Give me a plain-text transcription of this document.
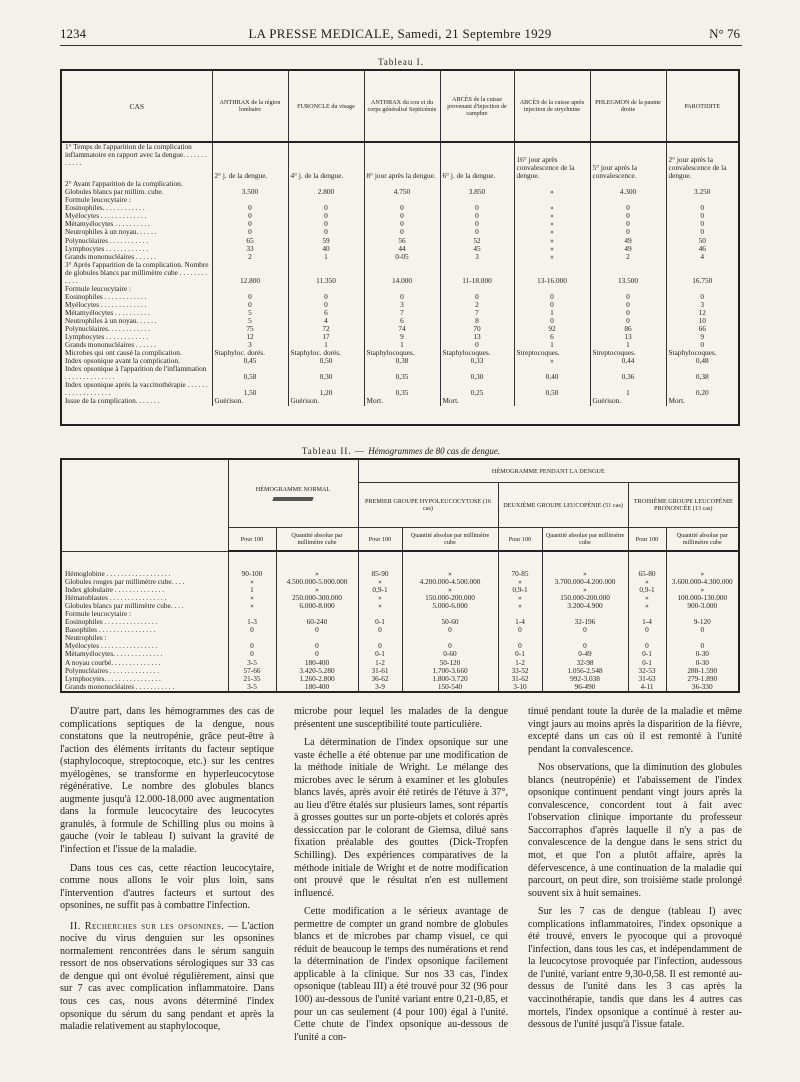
1234	LA PRESSE MEDICALE, Samedi, 21 Septembre 1929	N° 76
Tableau I.
CAS	ANTHRAX de la région lombaire	FURONCLE du visage	ANTHRAX du cou et du corps généralisé Septicémie	ABCÈS de la cuisse provenant d'injection de camphre	ABCÈS de la cuisse après injection de strychnine	PHLEGMON de la paume droite	PAROTIDITE
1° Temps de l'apparition de la complication inflammatoire en rapport avec la dengue. . . . . . . . . . . .	2° j. de la dengue.	4° j. de la dengue.	8° jour après la dengue.	6° j. de la dengue.	16° jour après convalescence de la dengue.	5° jour après la convalescence.	2° jour après la convalescence de la dengue.
2° Avant l'apparition de la complication. Globules blancs par millim. cube.	3.500	2.800	4.750	3.850	»	4.300	3.250
Formule leucocytaire :							
Eosinophiles. . . . . . . . . . . .	0	0	0	0	»	0	0
Myélocytes . . . . . . . . . . . . .	0	0	0	0	»	0	0
Métamyélocytes . . . . . . . . . .	0	0	0	0	»	0	0
Neutrophiles à un noyau. . . . . .	0	0	0	0	»	0	0
Polynucléaires . . . . . . . . . . .	65	59	56	52	»	49	50
Lymphocytes . . . . . . . . . . . .	33	40	44	45	»	49	46
Grands mononucléaires . . . . . .	2	1	0-05	3	»	2	4
3° Après l'apparition de la complication. Nombre de globules blancs par millimètre cube . . . . . . . . . . . .	12.800	11.350	14.000	11-18.000	13-16.000	13.500	16.750
Formule leucocytaire :							
Eosinophiles . . . . . . . . . . . .	0	0	0	0	0	0	0
Myélocytes . . . . . . . . . . . . .	0	0	3	2	0	0	3
Métamyélocytes . . . . . . . . . .	5	6	7	7	1	0	12
Neutrophiles à un noyau. . . . . .	5	4	6	8	0	0	10
Polynucléaires. . . . . . . . . . . .	75	72	74	70	92	86	66
Lymphocytes . . . . . . . . . . . .	12	17	9	13	6	13	9
Grands mononucléaires . . . . . .	3	1	1	0	1	1	0
Microbes qui ont causé la complication.	Staphyloc. dorés.	Staphyloc. dorés.	Staphylocoques.	Staphylocoques.	Streptocoques.	Streptocoques.	Staphylocoques.
Index opsonique avant la complication.	0,45	0,50	0,38	0,33	»	0,44	0,48
Index opsonique à l'apparition de l'inflammation . . . . . . . . . . . . . .	0,58	0,30	0,35	0,30	0,40	0,36	0,38
Index opsonique après la vaccinothérapie . . . . . . . . . . . . . . . . . . .	1,50	1,20	0,35	0,25	0,50	1	0,20
Issue de la complication. . . . . . .	Guérison.	Guérison.	Mort.	Mort.		Guérison.	Mort.
Tableau II. — Hémogrammes de 80 cas de dengue.
	HÉMOGRAMME NORMAL		HÉMOGRAMME PENDANT LA DENGUE					
			PREMIER GROUPE HYPOLEUCOCYTOSE (16 cas)		DEUXIÈME GROUPE LEUCOPÉNIE (51 cas)		TROISIÈME GROUPE LEUCOPÉNIE PRONONCÉE (13 cas)	
	Pour 100	Quantité absolue par millimètre cube	Pour 100	Quantité absolue par millimètre cube	Pour 100	Quantité absolue par millimètre cube	Pour 100	Quantité absolue par millimètre cube

Hémoglobine . . . . . . . . . . . . . . . . . .	90-100	»	85-90	»	70-85	»	65-80	»
Globules rouges par millimètre cube. . . .	»	4.500.000-5.000.000	»	4.200.000-4.500.000	»	3.700.000-4.200.000	»	3.600.000-4.300.000
Index globulaire . . . . . . . . . . . . . .	1	»	0,9-1	»	0,9-1	»	0,9-1	»
Hématoblastes . . . . . . . . . . . . . . . .	»	250.000-300.000	»	150.000-200.000	»	150.000-200.000	»	100.000-130.000
Globules blancs par millimètre cube. . . .	»	6.000-8.000	»	5.000-6.000	»	3.200-4.900	»	900-3.000
Formule leucocytaire :								
Eosinophiles . . . . . . . . . . . . . . .	1-3	60-240	0-1	50-60	1-4	32-196	1-4	9-120
Basophiles . . . . . . . . . . . . . . . .	0	0	0	0	0	0	0	0
Neutrophiles :								
Myélocytes . . . . . . . . . . . . . . . .	0	0	0	0	0	0	0	0
Métamyélocytes. . . . . . . . . . . . . .	0	0	0-1	0-60	0-1	0-49	0-1	0-30
A noyau courbé. . . . . . . . . . . . . .	3-5	180-400	1-2	50-120	1-2	32-98	0-1	0-30
Polynucléaires . . . . . . . . . . . . . .	57-66	3.420-5.280	31-61	1.700-3.660	33-52	1.056-2.548	32-53	288-1.590
Lymphocytes. . . . . . . . . . . . . . . .	21-35	1.260-2.800	36-62	1.800-3.720	31-62	992-3.038	31-63	279-1.890
Grands mononucléaires . . . . . . . . . . .	3-5	180-400	3-9	150-540	3-10	96-490	4-11	36-330

D'autre part, dans les hémogrammes des cas de complications septiques de la dengue, nous constatons que la neutropénie, grâce peut-être à l'action des éléments irritants du facteur septique (staphylocoque, streptocoque, etc.) sur les centres myélogènes, se transforme en hyperleucocytose régénérative. Le nombre des globules blancs augmente jusqu'à 12.000-18.000 avec augmentation dans la formule leucocytaire des leucocytes granulés, à formule de Schilling plus ou moins à gauche (voir le tableau I) suivant la gravité de l'infection et l'issue de la maladie.

Dans tous ces cas, cette réaction leucocytaire, comme nous allons le voir plus loin, sans l'intervention d'autres facteurs et surtout des opsonines, ne suffit pas à combattre l'infection.

II. Recherches sur les opsonines. — L'action nocive du virus denguien sur les opsonines normalement rencontrées dans le sérum sanguin ressort de nos observations sérologiques sur 33 cas de dengue qui ont évolué régulièrement, ainsi que sur 7 cas avec complication inflammatoire. Dans tous ces cas, nous avons déterminé l'index opsonique du sérum du sang pendant et après la maladie relativement au staphylocoque,

microbe pour lequel les malades de la dengue présentent une susceptibilité toute particulière.

La détermination de l'index opsonique sur une vaste échelle a été obtenue par une modification de la méthode initiale de Wright. Le mélange des microbes avec le sérum à examiner et les globules blancs lavés, après avoir été retirés de l'étuve à 37°, au lieu d'être étalés sur plusieurs lames, sont répartis à grosses gouttes sur un porte-objets et colorés après dessiccation par le colorant de Giemsa, dilué sans fixation préalable des gouttes (Dick-Tropfen Schilling). Des expériences comparatives de la méthode initiale de Wright et de notre modification ont prouvé que le résultat n'en est nullement influencé.

Cette modification a le sérieux avantage de permettre de compter un grand nombre de globules blancs et de microbes par champ visuel, ce qui réduit de beaucoup le temps des numérations et rend la détermination de l'index opsonique facilement applicable à la clinique. Sur nos 33 cas, l'index opsonique (tableau III) a été trouvé pour 32 (96 pour 100) au-dessous de l'unité variant entre 0,21-0,85, et pour un cas seulement (4 pour 100) égal à l'unité. Cette chute de l'index opsonique au-dessous de l'unité a con-

tinué pendant toute la durée de la maladie et même vingt jaurs au moins après la disparition de la fièvre, excepté dans un cas où il est remonté à l'unité pendant la convalescence.

Nos observations, que la diminution des globules blancs (neutropénie) et l'abaissement de l'index opsonique continuent pendant vingt jours après la convalescence, concordent tout à fait avec l'observation clinique importante du professeur Saccorraphos d'après laquelle il n'y a pas de convalescence de la dengue dans le sens strict du mot, et que l'on a plutôt affaire, après la défervescence, à une continuation de la maladie qui parcourt, on peut dire, son troisième stade prolongé souvent six à huit semaines.

Sur les 7 cas de dengue (tableau I) avec complications inflammatoires, l'index opsonique a été trouvé, envers le pyocoque qui a provoqué l'infection, dans tous les cas, et indépendamment de la leucocytose provoquée par l'infection, audessous de l'unité, variant entre 9,30-0,58. Il est remonté au-dessus de l'unité dans les 3 cas après la vaccinothérapie, tandis que dans les 4 autres cas mortels, l'index opsonique a continué à rester au-dessous de l'unité jusqu'à l'issue fatale.
